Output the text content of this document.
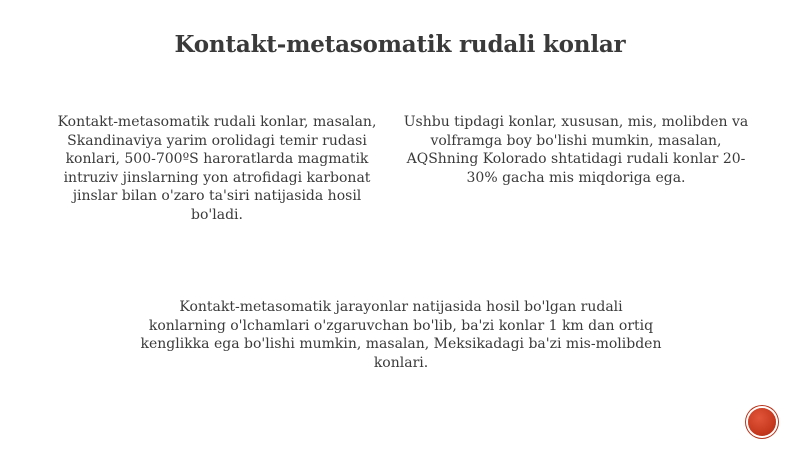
Kontakt-metasomatik rudali konlar
Kontakt-metasomatik rudali konlar, masalan, Skandinaviya yarim orolidagi temir rudasi konlari, 500-700ºS haroratlarda magmatik intruziv jinslarning yon atrofidagi karbonat jinslar bilan o'zaro ta'siri natijasida hosil bo'ladi.
Ushbu tipdagi konlar, xususan, mis, molibden va volframga boy bo'lishi mumkin, masalan, AQShning Kolorado shtatidagi rudali konlar 20-30% gacha mis miqdoriga ega.
Kontakt-metasomatik jarayonlar natijasida hosil bo'lgan rudali konlarning o'lchamlari o'zgaruvchan bo'lib, ba'zi konlar 1 km dan ortiq kenglikka ega bo'lishi mumkin, masalan, Meksikadagi ba'zi mis-molibden konlari.
